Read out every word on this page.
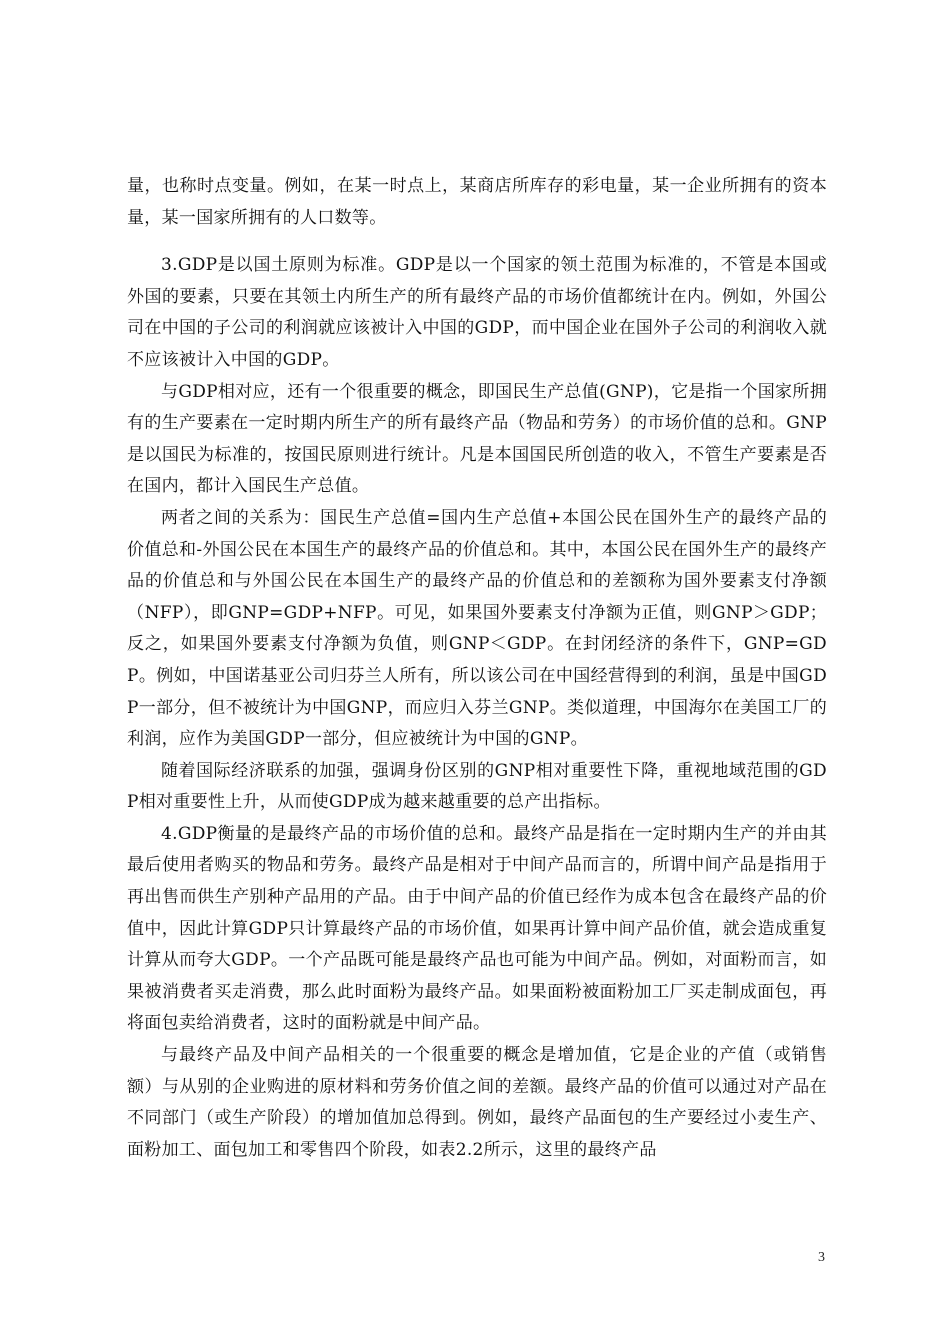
量，也称时点变量。例如，在某一时点上，某商店所库存的彩电量，某一企业所拥有的资本量，某一国家所拥有的人口数等。

3.GDP是以国土原则为标准。GDP是以一个国家的领土范围为标准的，不管是本国或外国的要素，只要在其领土内所生产的所有最终产品的市场价值都统计在内。例如，外国公司在中国的子公司的利润就应该被计入中国的GDP，而中国企业在国外子公司的利润收入就不应该被计入中国的GDP。

与GDP相对应，还有一个很重要的概念，即国民生产总值(GNP)，它是指一个国家所拥有的生产要素在一定时期内所生产的所有最终产品（物品和劳务）的市场价值的总和。GNP是以国民为标准的，按国民原则进行统计。凡是本国国民所创造的收入，不管生产要素是否在国内，都计入国民生产总值。

两者之间的关系为：国民生产总值=国内生产总值+本国公民在国外生产的最终产品的价值总和-外国公民在本国生产的最终产品的价值总和。其中，本国公民在国外生产的最终产品的价值总和与外国公民在本国生产的最终产品的价值总和的差额称为国外要素支付净额（NFP），即GNP=GDP+NFP。可见，如果国外要素支付净额为正值，则GNP＞GDP；反之，如果国外要素支付净额为负值，则GNP＜GDP。在封闭经济的条件下，GNP=GDP。例如，中国诺基亚公司归芬兰人所有，所以该公司在中国经营得到的利润，虽是中国GDP一部分，但不被统计为中国GNP，而应归入芬兰GNP。类似道理，中国海尔在美国工厂的利润，应作为美国GDP一部分，但应被统计为中国的GNP。

随着国际经济联系的加强，强调身份区别的GNP相对重要性下降，重视地域范围的GDP相对重要性上升，从而使GDP成为越来越重要的总产出指标。

4.GDP衡量的是最终产品的市场价值的总和。最终产品是指在一定时期内生产的并由其最后使用者购买的物品和劳务。最终产品是相对于中间产品而言的，所谓中间产品是指用于再出售而供生产别种产品用的产品。由于中间产品的价值已经作为成本包含在最终产品的价值中，因此计算GDP只计算最终产品的市场价值，如果再计算中间产品价值，就会造成重复计算从而夸大GDP。一个产品既可能是最终产品也可能为中间产品。例如，对面粉而言，如果被消费者买走消费，那么此时面粉为最终产品。如果面粉被面粉加工厂买走制成面包，再将面包卖给消费者，这时的面粉就是中间产品。

与最终产品及中间产品相关的一个很重要的概念是增加值，它是企业的产值（或销售额）与从别的企业购进的原材料和劳务价值之间的差额。最终产品的价值可以通过对产品在不同部门（或生产阶段）的增加值加总得到。例如，最终产品面包的生产要经过小麦生产、面粉加工、面包加工和零售四个阶段，如表2.2所示，这里的最终产品

3
